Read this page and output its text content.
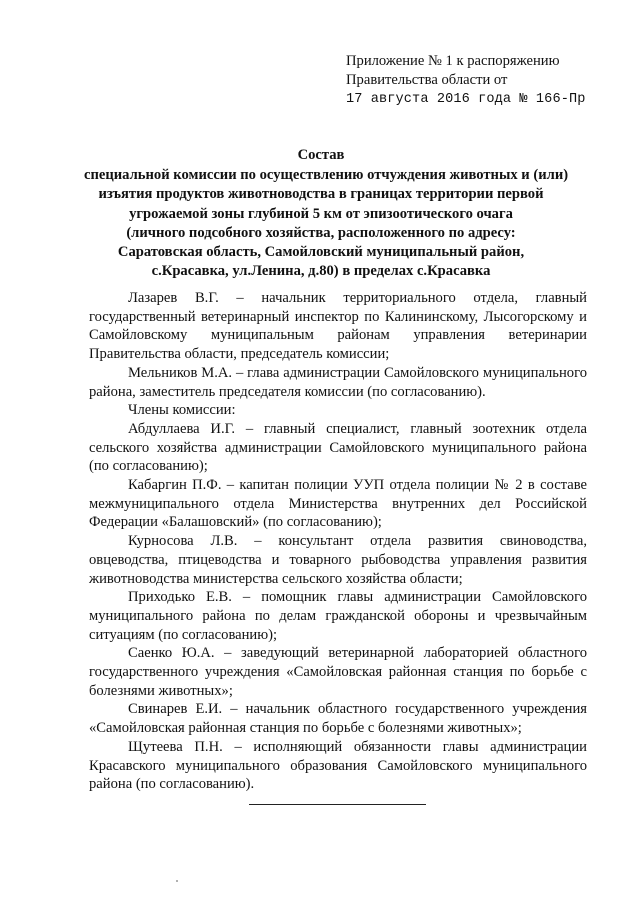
Приложение № 1 к распоряжению
Правительства области от
17 августа 2016 года № 166-Пр
Состав
специальной комиссии по осуществлению отчуждения животных и (или)
изъятия продуктов животноводства в границах территории первой
угрожаемой зоны глубиной 5 км от эпизоотического очага
(личного подсобного хозяйства, расположенного по адресу:
Саратовская область, Самойловский муниципальный район,
с.Красавка, ул.Ленина, д.80) в пределах с.Красавка

Лазарев В.Г. – начальник территориального отдела, главный государственный ветеринарный инспектор по Калининскому, Лысогорскому и Самойловскому муниципальным районам управления ветеринарии Правительства области, председатель комиссии;

Мельников М.А. – глава администрации Самойловского муниципального района, заместитель председателя комиссии (по согласованию).

Члены комиссии:

Абдуллаева И.Г. – главный специалист, главный зоотехник отдела сельского хозяйства администрации Самойловского муниципального района (по согласованию);

Кабаргин П.Ф. – капитан полиции УУП отдела полиции № 2 в составе межмуниципального отдела Министерства внутренних дел Российской Федерации «Балашовский» (по согласованию);

Курносова Л.В. – консультант отдела развития свиноводства, овцеводства, птицеводства и товарного рыбоводства управления развития животноводства министерства сельского хозяйства области;

Приходько Е.В. – помощник главы администрации Самойловского муниципального района по делам гражданской обороны и чрезвычайным ситуациям (по согласованию);

Саенко Ю.А. – заведующий ветеринарной лабораторией областного государственного учреждения «Самойловская районная станция по борьбе с болезнями животных»;

Свинарев Е.И. – начальник областного государственного учреждения «Самойловская районная станция по борьбе с болезнями животных»;

Щутеева П.Н. – исполняющий обязанности главы администрации Красавского муниципального образования Самойловского муниципального района (по согласованию).
